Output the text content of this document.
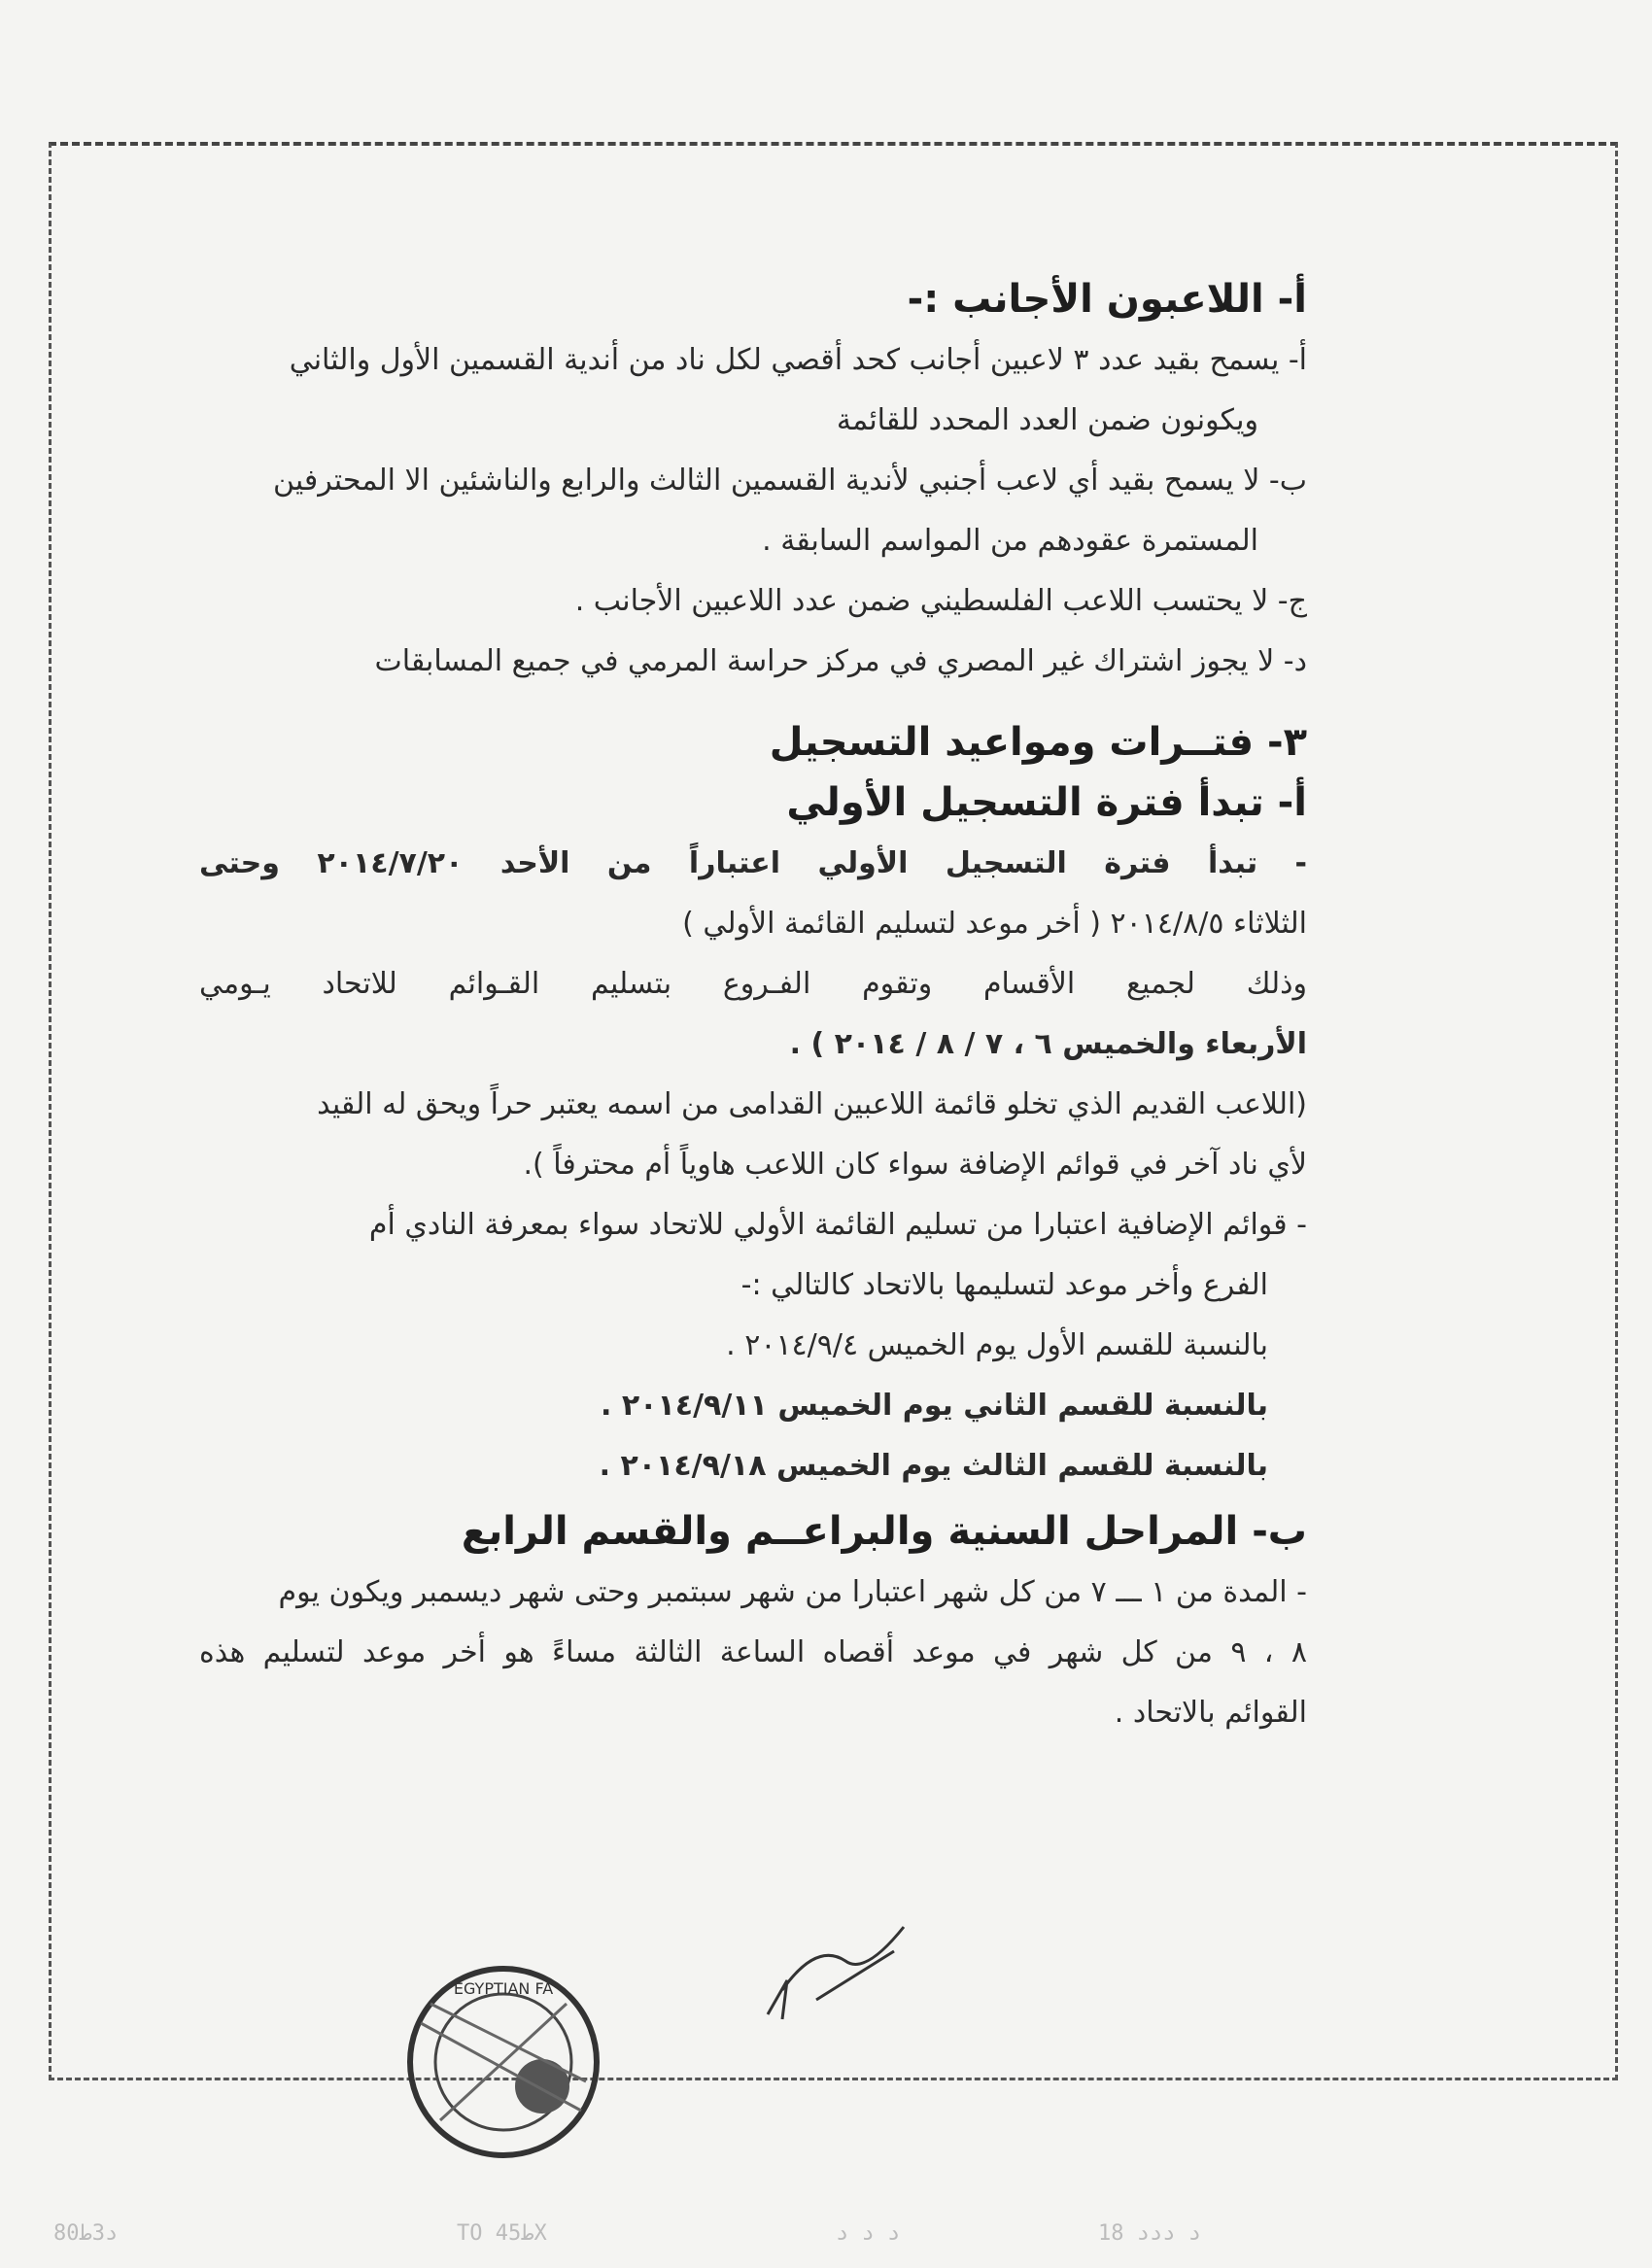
ﺃ- ﺍﻟﻼﻋﺒﻮﻥ ﺍﻷﺟﺎﻧﺐ :-
ﺃ- ﻳﺴﻤﺢ ﺑﻘﻴﺪ ﻋﺪﺩ ٣ ﻻﻋﺒﻴﻦ ﺃﺟﺎﻧﺐ ﻛﺤﺪ ﺃﻗﺼﻲ ﻟﻜﻞ ﻧﺎﺩ ﻣﻦ ﺃﻧﺪﻳﺔ ﺍﻟﻘﺴﻤﻴﻦ ﺍﻷﻭﻝ ﻭﺍﻟﺜﺎﻧﻲ
ﻭﻳﻜﻮﻧﻮﻥ ﺿﻤﻦ ﺍﻟﻌﺪﺩ ﺍﻟﻤﺤﺪﺩ ﻟﻠﻘﺎﺋﻤﺔ
ﺏ- ﻻ ﻳﺴﻤﺢ ﺑﻘﻴﺪ ﺃﻱ ﻻﻋﺐ ﺃﺟﻨﺒﻲ ﻷﻧﺪﻳﺔ ﺍﻟﻘﺴﻤﻴﻦ ﺍﻟﺜﺎﻟﺚ ﻭﺍﻟﺮﺍﺑﻊ ﻭﺍﻟﻨﺎﺷﺌﻴﻦ ﺍﻻ ﺍﻟﻤﺤﺘﺮﻓﻴﻦ
ﺍﻟﻤﺴﺘﻤﺮﺓ ﻋﻘﻮﺩﻫﻢ ﻣﻦ ﺍﻟﻤﻮﺍﺳﻢ ﺍﻟﺴﺎﺑﻘﺔ .
ﺝ- ﻻ ﻳﺤﺘﺴﺐ ﺍﻟﻼﻋﺐ ﺍﻟﻔﻠﺴﻄﻴﻨﻲ ﺿﻤﻦ ﻋﺪﺩ ﺍﻟﻼﻋﺒﻴﻦ ﺍﻷﺟﺎﻧﺐ .
ﺩ- ﻻ ﻳﺠﻮﺯ ﺍﺷﺘﺮﺍﻙ ﻏﻴﺮ ﺍﻟﻤﺼﺮﻱ ﻓﻲ ﻣﺮﻛﺰ ﺣﺮﺍﺳﺔ ﺍﻟﻤﺮﻣﻲ ﻓﻲ ﺟﻤﻴﻊ ﺍﻟﻤﺴﺎﺑﻘﺎﺕ
٣- ﻓﺘــﺮﺍﺕ ﻭﻣﻮﺍﻋﻴﺪ ﺍﻟﺘﺴﺠﻴﻞ
ﺃ- ﺗﺒﺪﺃ ﻓﺘﺮﺓ ﺍﻟﺘﺴﺠﻴﻞ ﺍﻷﻭﻟﻲ
- ﺗﺒﺪﺃ ﻓﺘﺮﺓ ﺍﻟﺘﺴﺠﻴﻞ ﺍﻷﻭﻟﻲ ﺍﻋﺘﺒﺎﺭﺍً ﻣﻦ ﺍﻷﺣﺪ ٢٠١٤/٧/٢٠ ﻭﺣﺘﻰ
ﺍﻟﺜﻼﺛﺎﺀ ٢٠١٤/٨/٥ ( ﺃﺧﺮ ﻣﻮﻋﺪ ﻟﺘﺴﻠﻴﻢ ﺍﻟﻘﺎﺋﻤﺔ ﺍﻷﻭﻟﻲ )
ﻭﺫﻟﻚ ﻟﺠﻤﻴﻊ ﺍﻷﻗﺴﺎﻡ ﻭﺗﻘﻮﻡ ﺍﻟﻔـﺮﻭﻉ ﺑﺘﺴﻠﻴﻢ ﺍﻟﻘـﻮﺍﺋﻢ ﻟﻼﺗﺤﺎﺩ ﻳـﻮﻣﻲ
ﺍﻷﺭﺑﻌﺎﺀ ﻭﺍﻟﺨﻤﻴﺲ ٦ ، ٧ / ٨ / ٢٠١٤ ) .
(ﺍﻟﻼﻋﺐ ﺍﻟﻘﺪﻳﻢ ﺍﻟﺬﻱ ﺗﺨﻠﻮ ﻗﺎﺋﻤﺔ ﺍﻟﻼﻋﺒﻴﻦ ﺍﻟﻘﺪﺍﻣﻰ ﻣﻦ ﺍﺳﻤﻪ ﻳﻌﺘﺒﺮ ﺣﺮﺍً ﻭﻳﺤﻖ ﻟﻪ ﺍﻟﻘﻴﺪ
ﻷﻱ ﻧﺎﺩ ﺁﺧﺮ ﻓﻲ ﻗﻮﺍﺋﻢ ﺍﻹﺿﺎﻓﺔ ﺳﻮﺍﺀ ﻛﺎﻥ ﺍﻟﻼﻋﺐ ﻫﺎﻭﻳﺎً ﺃﻡ ﻣﺤﺘﺮﻓﺎً ).
- ﻗﻮﺍﺋﻢ ﺍﻹﺿﺎﻓﻴﺔ ﺍﻋﺘﺒﺎﺭﺍ ﻣﻦ ﺗﺴﻠﻴﻢ ﺍﻟﻘﺎﺋﻤﺔ ﺍﻷﻭﻟﻲ ﻟﻼﺗﺤﺎﺩ ﺳﻮﺍﺀ ﺑﻤﻌﺮﻓﺔ ﺍﻟﻨﺎﺩﻱ ﺃﻡ
ﺍﻟﻔﺮﻉ ﻭﺃﺧﺮ ﻣﻮﻋﺪ ﻟﺘﺴﻠﻴﻤﻬﺎ ﺑﺎﻻﺗﺤﺎﺩ ﻛﺎﻟﺘﺎﻟﻲ :-
ﺑﺎﻟﻨﺴﺒﺔ ﻟﻠﻘﺴﻢ ﺍﻷﻭﻝ ﻳﻮﻡ ﺍﻟﺨﻤﻴﺲ ٢٠١٤/٩/٤ .
ﺑﺎﻟﻨﺴﺒﺔ ﻟﻠﻘﺴﻢ ﺍﻟﺜﺎﻧﻲ ﻳﻮﻡ ﺍﻟﺨﻤﻴﺲ ٢٠١٤/٩/١١ .
ﺑﺎﻟﻨﺴﺒﺔ ﻟﻠﻘﺴﻢ ﺍﻟﺜﺎﻟﺚ ﻳﻮﻡ ﺍﻟﺨﻤﻴﺲ ٢٠١٤/٩/١٨ .
ﺏ- ﺍﻟﻤﺮﺍﺣﻞ ﺍﻟﺴﻨﻴﺔ ﻭﺍﻟﺒﺮﺍﻋــﻢ ﻭﺍﻟﻘﺴﻢ ﺍﻟﺮﺍﺑﻊ
- ﺍﻟﻤﺪﺓ ﻣﻦ ١ ـــ ٧ ﻣﻦ ﻛﻞ ﺷﻬﺮ ﺍﻋﺘﺒﺎﺭﺍ ﻣﻦ ﺷﻬﺮ ﺳﺒﺘﻤﺒﺮ ﻭﺣﺘﻰ ﺷﻬﺮ ﺩﻳﺴﻤﺒﺮ ﻭﻳﻜﻮﻥ ﻳﻮﻡ
٨ ، ٩ ﻣﻦ ﻛﻞ ﺷﻬﺮ ﻓﻲ ﻣﻮﻋﺪ ﺃﻗﺼﺎﻩ ﺍﻟﺴﺎﻋﺔ ﺍﻟﺜﺎﻟﺜﺔ ﻣﺴﺎﺀً ﻫﻮ ﺃﺧﺮ ﻣﻮﻋﺪ ﻟﺘﺴﻠﻴﻢ ﻫﺬﻩ
ﺍﻟﻘﻮﺍﺋﻢ ﺑﺎﻻﺗﺤﺎﺩ .
EGYPTIAN FA
80ﺩ3ﻁ	TO 4ﻁ5X	ﺩ ﺩ ﺩ	18 ﺩ ﺩﺩﺩ
